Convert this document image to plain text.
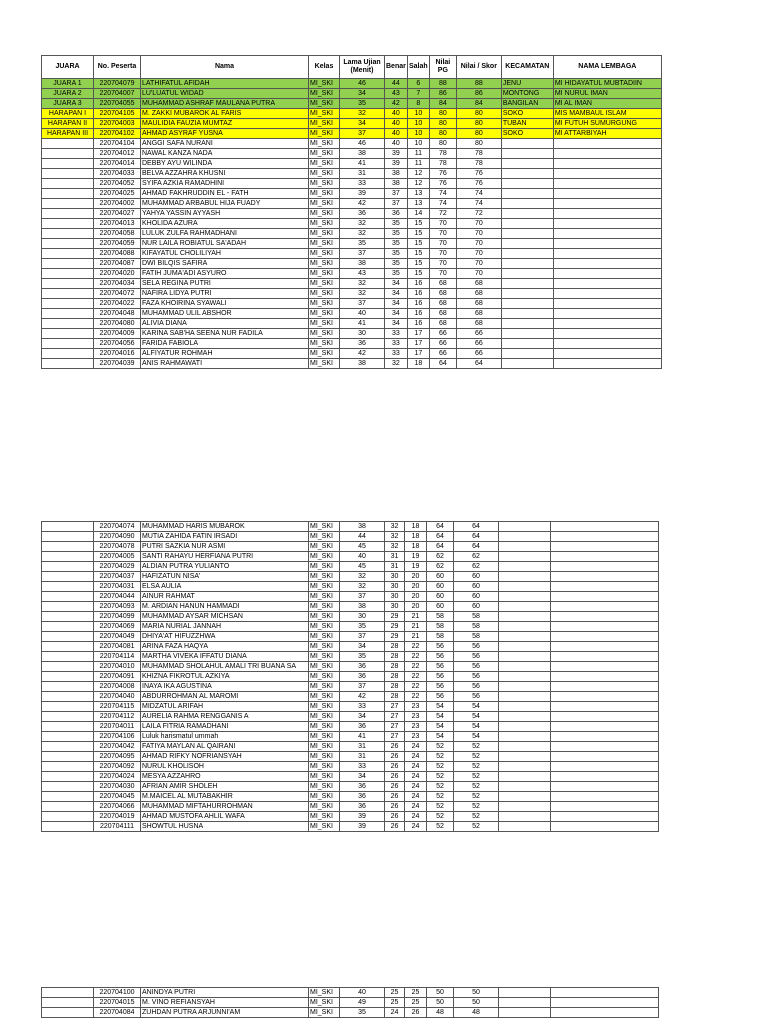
JUARA	No. Peserta	Nama	Kelas	Lama Ujian (Menit)	Benar	Salah	Nilai PG	Nilai / Skor	KECAMATAN	NAMA LEMBAGA
JUARA 1	220704079	LATHIFATUL AFIDAH	MI_SKI	46	44	6	88	88	JENU	MI HIDAYATUL MUBTADIIN
JUARA 2	220704007	LU'LUATUL WIDAD	MI_SKI	34	43	7	86	86	MONTONG	MI NURUL IMAN
JUARA 3	220704055	MUHAMMAD ASHRAF MAULANA PUTRA	MI_SKI	35	42	8	84	84	BANGILAN	MI AL IMAN
HARAPAN I	220704105	M. ZAKKI MUBAROK AL FARIS	MI_SKI	32	40	10	80	80	SOKO	MIS MAMBAUL ISLAM
HARAPAN II	220704003	MAULIDIA FAUZIA MUMTAZ	MI_SKI	34	40	10	80	80	TUBAN	MI FUTUH SUMURGUNG
HARAPAN III	220704102	AHMAD ASYRAF YUSNA	MI_SKI	37	40	10	80	80	SOKO	MI ATTARBIYAH
	220704104	ANGGI SAFA NURANI	MI_SKI	46	40	10	80	80		
	220704012	NAWAL KANZA NADA	MI_SKI	38	39	11	78	78		
	220704014	DEBBY AYU WILINDA	MI_SKI	41	39	11	78	78		
	220704033	BELVA AZZAHRA KHUSNI	MI_SKI	31	38	12	76	76		
	220704052	SYIFA AZKIA RAMADHINI	MI_SKI	33	38	12	76	76		
	220704025	AHMAD FAKHRUDDIN EL - FATH	MI_SKI	39	37	13	74	74		
	220704002	MUHAMMAD ARBABUL HIJA FUADY	MI_SKI	42	37	13	74	74		
	220704027	YAHYA YASSIN AYYASH	MI_SKI	36	36	14	72	72		
	220704013	KHOLIDA AZURA	MI_SKI	32	35	15	70	70		
	220704058	LULUK ZULFA RAHMADHANI	MI_SKI	32	35	15	70	70		
	220704059	NUR LAILA ROBIATUL SA'ADAH	MI_SKI	35	35	15	70	70		
	220704088	KIFAYATUL CHOLILIYAH	MI_SKI	37	35	15	70	70		
	220704087	DWI BILQIS SAFIRA	MI_SKI	38	35	15	70	70		
	220704020	FATIH JUMA'ADI ASYURO	MI_SKI	43	35	15	70	70		
	220704034	SELA REGINA PUTRI	MI_SKI	32	34	16	68	68		
	220704072	NAFIRA LIDYA PUTRI	MI_SKI	32	34	16	68	68		
	220704022	FAZA KHOIRINA SYAWALI	MI_SKI	37	34	16	68	68		
	220704048	MUHAMMAD ULIL ABSHOR	MI_SKI	40	34	16	68	68		
	220704080	ALIVIA DIANA	MI_SKI	41	34	16	68	68		
	220704009	KARINA SAB'HA SEENA NUR FADILA	MI_SKI	30	33	17	66	66		
	220704056	FARIDA FABIOLA	MI_SKI	36	33	17	66	66		
	220704016	ALFIYATUR ROHMAH	MI_SKI	42	33	17	66	66		
	220704039	ANIS RAHMAWATI	MI_SKI	38	32	18	64	64		
	220704074	MUHAMMAD HARIS MUBAROK	MI_SKI	38	32	18	64	64		
	220704090	MUTIA ZAHIDA FATIN IRSADI	MI_SKI	44	32	18	64	64		
	220704078	PUTRI SAZKIA NUR ASMI	MI_SKI	45	32	18	64	64		
	220704005	SANTI RAHAYU HERFIANA PUTRI	MI_SKI	40	31	19	62	62		
	220704029	ALDIAN PUTRA YULIANTO	MI_SKI	45	31	19	62	62		
	220704037	HAFIZATUN NISA'	MI_SKI	32	30	20	60	60		
	220704031	ELSA AULIA	MI_SKI	32	30	20	60	60		
	220704044	AINUR RAHMAT	MI_SKI	37	30	20	60	60		
	220704093	M. ARDIAN HANUN HAMMADI	MI_SKI	38	30	20	60	60		
	220704099	MUHAMMAD AYSAR MICHSAN	MI_SKI	30	29	21	58	58		
	220704069	MARIA NURIAL JANNAH	MI_SKI	35	29	21	58	58		
	220704049	DHIYA'AT HIFUZZHWA	MI_SKI	37	29	21	58	58		
	220704081	ARINA FAZA HAQYA	MI_SKI	34	28	22	56	56		
	220704114	MARTHA VIVEKA IFFATU DIANA	MI_SKI	35	28	22	56	56		
	220704010	MUHAMMAD SHOLAHUL AMALI TRI BUANA SA	MI_SKI	36	28	22	56	56		
	220704091	KHIZNA FIKROTUL AZKIYA	MI_SKI	36	28	22	56	56		
	220704008	INAYA IKA AGUSTINA	MI_SKI	37	28	22	56	56		
	220704040	ABDURROHMAN AL MAROMI	MI_SKI	42	28	22	56	56		
	220704115	MIDZATUL ARIFAH	MI_SKI	33	27	23	54	54		
	220704112	AURELIA RAHMA RENGGANIS A	MI_SKI	34	27	23	54	54		
	220704011	LAILA FITRIA RAMADHANI	MI_SKI	36	27	23	54	54		
	220704106	Luluk harismatul ummah	MI_SKI	41	27	23	54	54		
	220704042	FATIYA MAYLAN AL QAIRANI	MI_SKI	31	26	24	52	52		
	220704095	AHMAD RIFKY NOFRIANSYAH	MI_SKI	31	26	24	52	52		
	220704092	NURUL KHOLISOH	MI_SKI	33	26	24	52	52		
	220704024	MESYA AZZAHRO	MI_SKI	34	26	24	52	52		
	220704030	AFRIAN AMIR SHOLEH	MI_SKI	36	26	24	52	52		
	220704045	M.MAICEL AL MUTABAKHIR	MI_SKI	36	26	24	52	52		
	220704066	MUHAMMAD MIFTAHURROHMAN	MI_SKI	36	26	24	52	52		
	220704019	AHMAD MUSTOFA AHLIL WAFA	MI_SKI	39	26	24	52	52		
	220704111	SHOWTUL HUSNA	MI_SKI	39	26	24	52	52		
	220704100	ANINDYA PUTRI	MI_SKI	40	25	25	50	50		
	220704015	M. VINO REFIANSYAH	MI_SKI	49	25	25	50	50		
	220704084	ZUHDAN PUTRA ARJUNNI'AM	MI_SKI	35	24	26	48	48		
